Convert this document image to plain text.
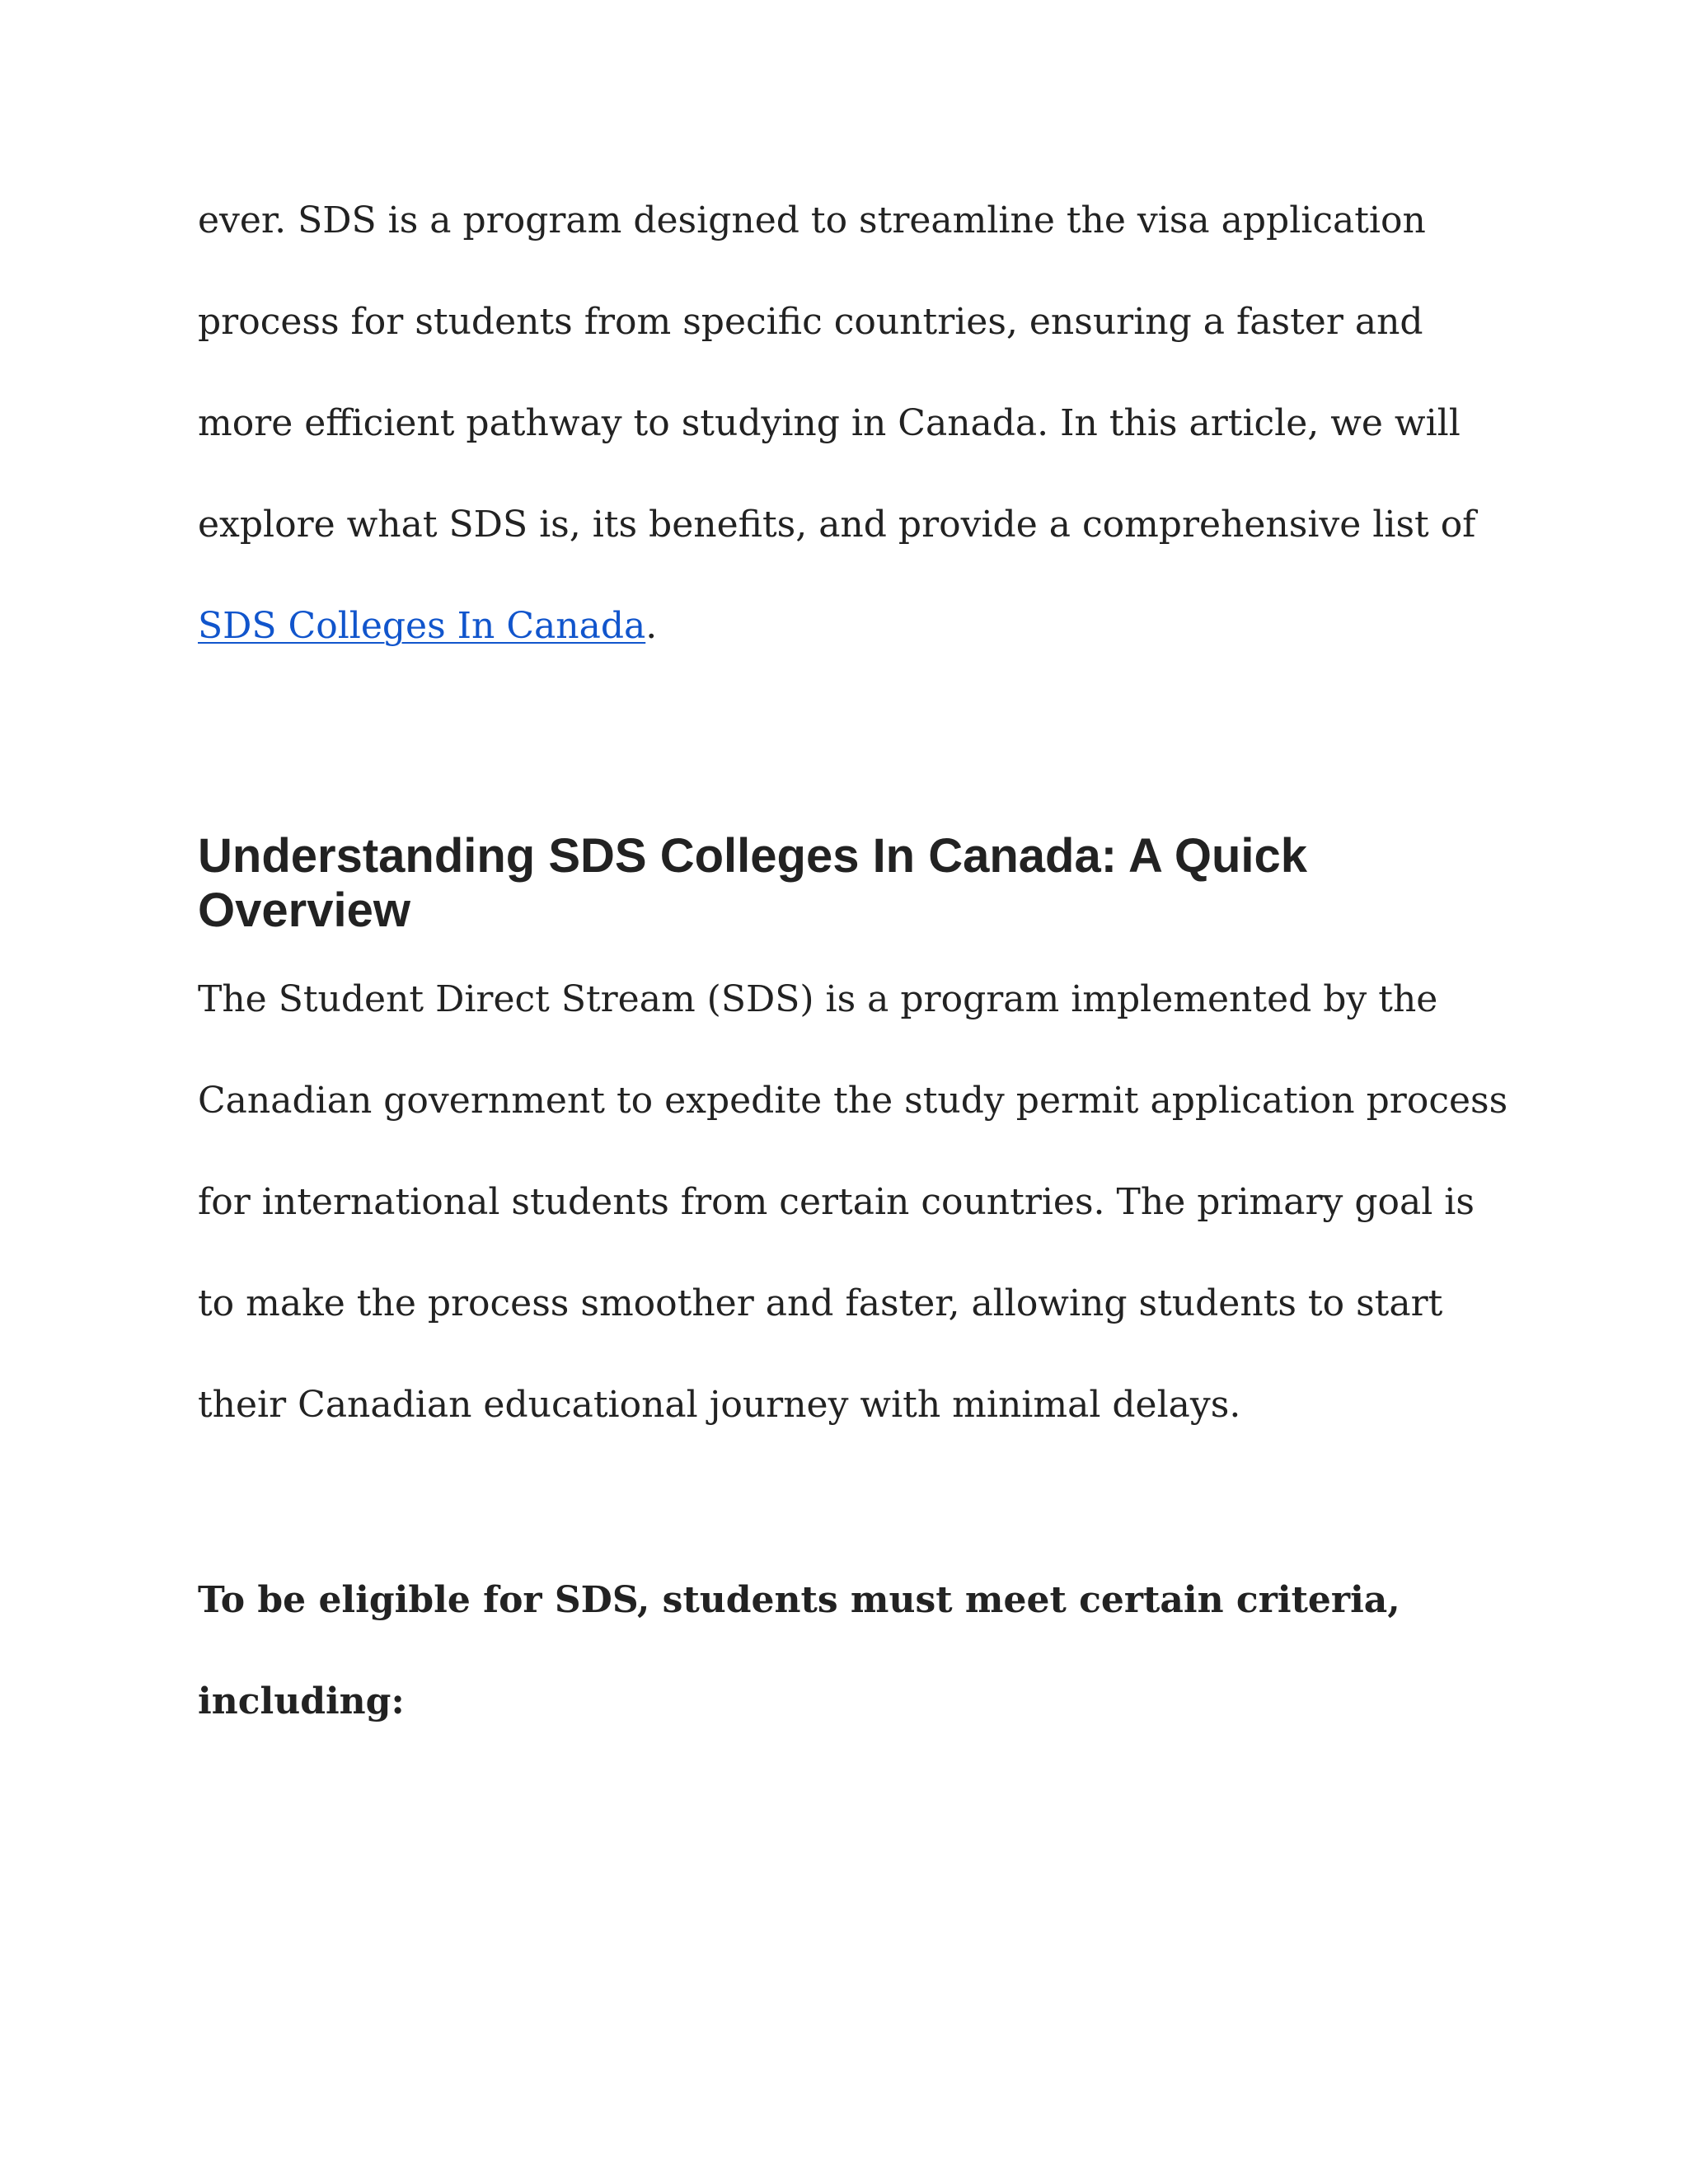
ever. SDS is a program designed to streamline the visa application
process for students from specific countries, ensuring a faster and
more efficient pathway to studying in Canada. In this article, we will
explore what SDS is, its benefits, and provide a comprehensive list of
SDS Colleges In Canada.
Understanding SDS Colleges In Canada: A Quick
Overview
The Student Direct Stream (SDS) is a program implemented by the
Canadian government to expedite the study permit application process
for international students from certain countries. The primary goal is
to make the process smoother and faster, allowing students to start
their Canadian educational journey with minimal delays.
To be eligible for SDS, students must meet certain criteria,
including:
